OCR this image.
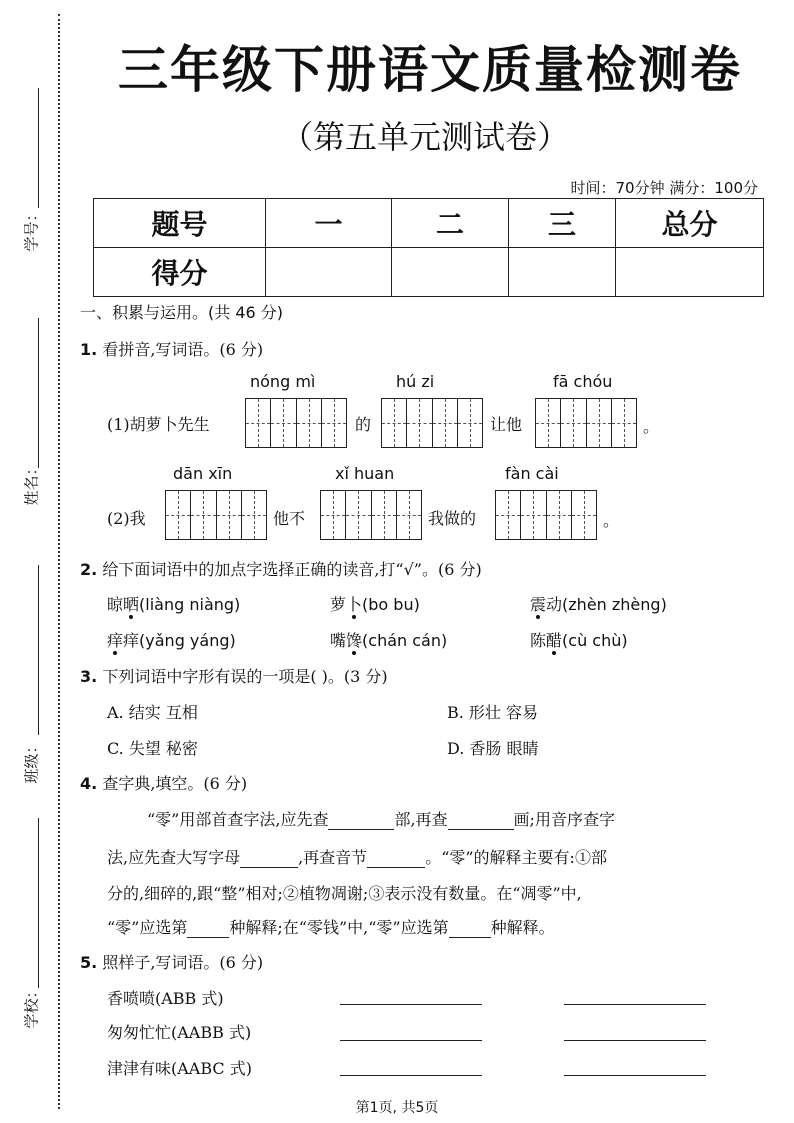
学号：
姓名：
班级：
学校：
三年级下册语文质量检测卷
（第五单元测试卷）
时间：70分钟 满分：100分
题号	一	二	三	总分
得分				
一、积累与运用。(共 46 分)
1. 看拼音,写词语。(6 分)
nóng mì	hú zi	fā chóu
(1)胡萝卜先生	的	让他	。
dān xīn	xǐ huan	fàn cài
(2)我	他不	我做的	。
2. 给下面词语中的加点字选择正确的读音,打“√”。(6 分)
晾晒(liàng niàng)	萝卜(bo bu)	震动(zhèn zhèng)
痒痒(yǎng yáng)	嘴馋(chán cán)	陈醋(cù chù)
3. 下列词语中字形有误的一项是( )。(3 分)
A. 结实 互相	B. 形壮 容易
C. 失望 秘密	D. 香肠 眼睛
4. 查字典,填空。(6 分)
“零”用部首查字法,应先查	部,再查	画;用音序查字
法,应先查大写字母	,再查音节	。“零”的解释主要有:①部
分的,细碎的,跟“整”相对;②植物凋谢;③表示没有数量。在“凋零”中,
“零”应选第	种解释;在“零钱”中,“零”应选第	种解释。
5. 照样子,写词语。(6 分)
香喷喷(ABB 式)
匆匆忙忙(AABB 式)
津津有味(AABC 式)
第1页, 共5页
